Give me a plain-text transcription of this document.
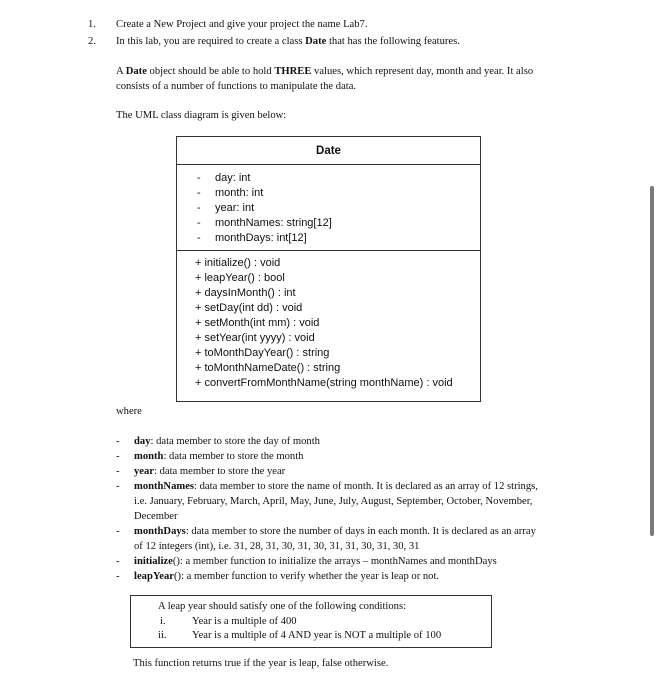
1. Create a New Project and give your project the name Lab7.
2. In this lab, you are required to create a class Date that has the following features.
A Date object should be able to hold THREE values, which represent day, month and year. It also
consists of a number of functions to manipulate the data.
The UML class diagram is given below:
Date
- day: int
- month: int
- year: int
- monthNames: string[12]
- monthDays: int[12]
+ initialize() : void
+ leapYear() : bool
+ daysInMonth() : int
+ setDay(int dd) : void
+ setMonth(int mm) : void
+ setYear(int yyyy) : void
+ toMonthDayYear() : string
+ toMonthNameDate() : string
+ convertFromMonthName(string monthName) : void
where
- day: data member to store the day of month
- month: data member to store the month
- year: data member to store the year
- monthNames: data member to store the name of month. It is declared as an array of 12 strings,
i.e. January, February, March, April, May, June, July, August, September, October, November,
December
- monthDays: data member to store the number of days in each month. It is declared as an array
of 12 integers (int), i.e. 31, 28, 31, 30, 31, 30, 31, 31, 30, 31, 30, 31
- initialize(): a member function to initialize the arrays – monthNames and monthDays
- leapYear(): a member function to verify whether the year is leap or not.
A leap year should satisfy one of the following conditions:
i. Year is a multiple of 400
ii. Year is a multiple of 4 AND year is NOT a multiple of 100
This function returns true if the year is leap, false otherwise.
